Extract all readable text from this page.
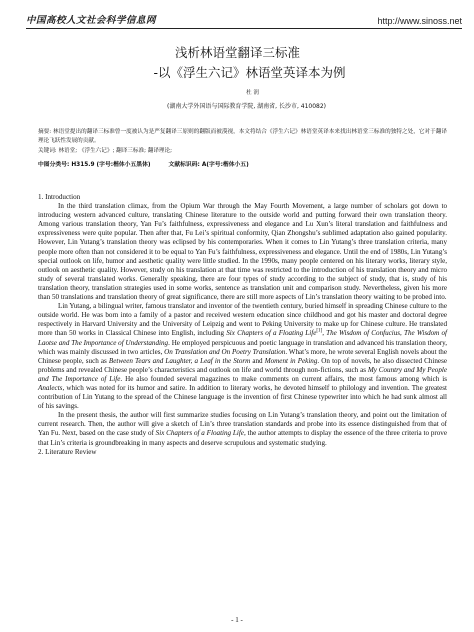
中国高校人文社会科学信息网	http://www.sinoss.net
浅析林语堂翻译三标准
-以《浮生六记》林语堂英译本为例
杜 润
(湖南大学外国语与国际教育学院, 湖南省, 长沙市, 410082)

摘要: 林语堂提出的翻译三标准曾一度被认为是严复翻译三原则的翻版而被漠视，本文将结合《浮生六记》林语堂英译本来找出林语堂三标准的独特之处，它对于翻译理论飞跃性发展的贡献。

关键词: 林语堂; 《浮生六记》; 翻译三标准; 翻译理论;

中图分类号: H315.9 (字号:楷体小五黑体)	文献标识码: A(字号:楷体小五)

1. Introduction

In the third translation climax, from the Opium War through the May Fourth Movement, a large number of scholars got down to introducing western advanced culture, translating Chinese literature to the outside world and putting forward their own translation theory. Among various translation theory, Yan Fu’s faithfulness, expressiveness and elegance and Lu Xun’s literal translation and faithfulness and expressiveness were quite popular. Then after that, Fu Lei’s spiritual conformity, Qian Zhongshu’s sublimed adaptation also gained popularity. However, Lin Yutang’s translation theory was eclipsed by his contemporaries. When it comes to Lin Yutang’s three translation criteria, many people more often than not considered it to be equal to Yan Fu’s faithfulness, expressiveness and elegance. Until the end of 1980s, Lin Yutang’s special outlook on life, humor and aesthetic quality were little studied. In the 1990s, many people centered on his literary works, literary style, outlook on aesthetic quality. However, study on his translation at that time was restricted to the introduction of his translation theory and micro study of several translated works. Generally speaking, there are four types of study according to the subject of study, that is, study of his translation theory, translation strategies used in some works, sentence as translation unit and comparison study. Nevertheless, given his more than 50 translations and translation theory of great significance, there are still more aspects of Lin’s translation theory waiting to be probed into.

Lin Yutang, a bilingual writer, famous translator and inventor of the twentieth century, buried himself in spreading Chinese culture to the outside world. He was born into a family of a pastor and received western education since childhood and got his master and doctoral degree respectively in Harvard University and the University of Leipzig and went to Peking University to make up for Chinese culture. He translated more than 50 works in Classical Chinese into English, including Six Chapters of a Floating Life[1], The Wisdom of Confucius, The Wisdom of Laotse and The Importance of Understanding. He employed perspicuous and poetic language in translation and advanced his translation theory, which was mainly discussed in two articles, On Translation and On Poetry Translation. What’s more, he wrote several English novels about the Chinese people, such as Between Tears and Laughter, a Leaf in the Storm and Moment in Peking. On top of novels, he also dissected Chinese problems and revealed Chinese people’s characteristics and outlook on life and world through non-fictions, such as My Country and My People and The Importance of Life. He also founded several magazines to make comments on current affairs, the most famous among which is Analects, which was noted for its humor and satire. In addition to literary works, he devoted himself to philology and invention. The greatest contribution of Lin Yutang to the spread of the Chinese language is the invention of first Chinese typewriter into which he had sunk almost all of his savings.

In the present thesis, the author will first summarize studies focusing on Lin Yutang’s translation theory, and point out the limitation of current research. Then, the author will give a sketch of Lin’s three translation standards and probe into its essence distinguished from that of Yan Fu. Next, based on the case study of Six Chapters of a Floating Life, the author attempts to display the essence of the three criteria to prove that Lin’s criteria is groundbreaking in many aspects and deserve scrupulous and systematic studying.

2. Literature Review

- 1 -
